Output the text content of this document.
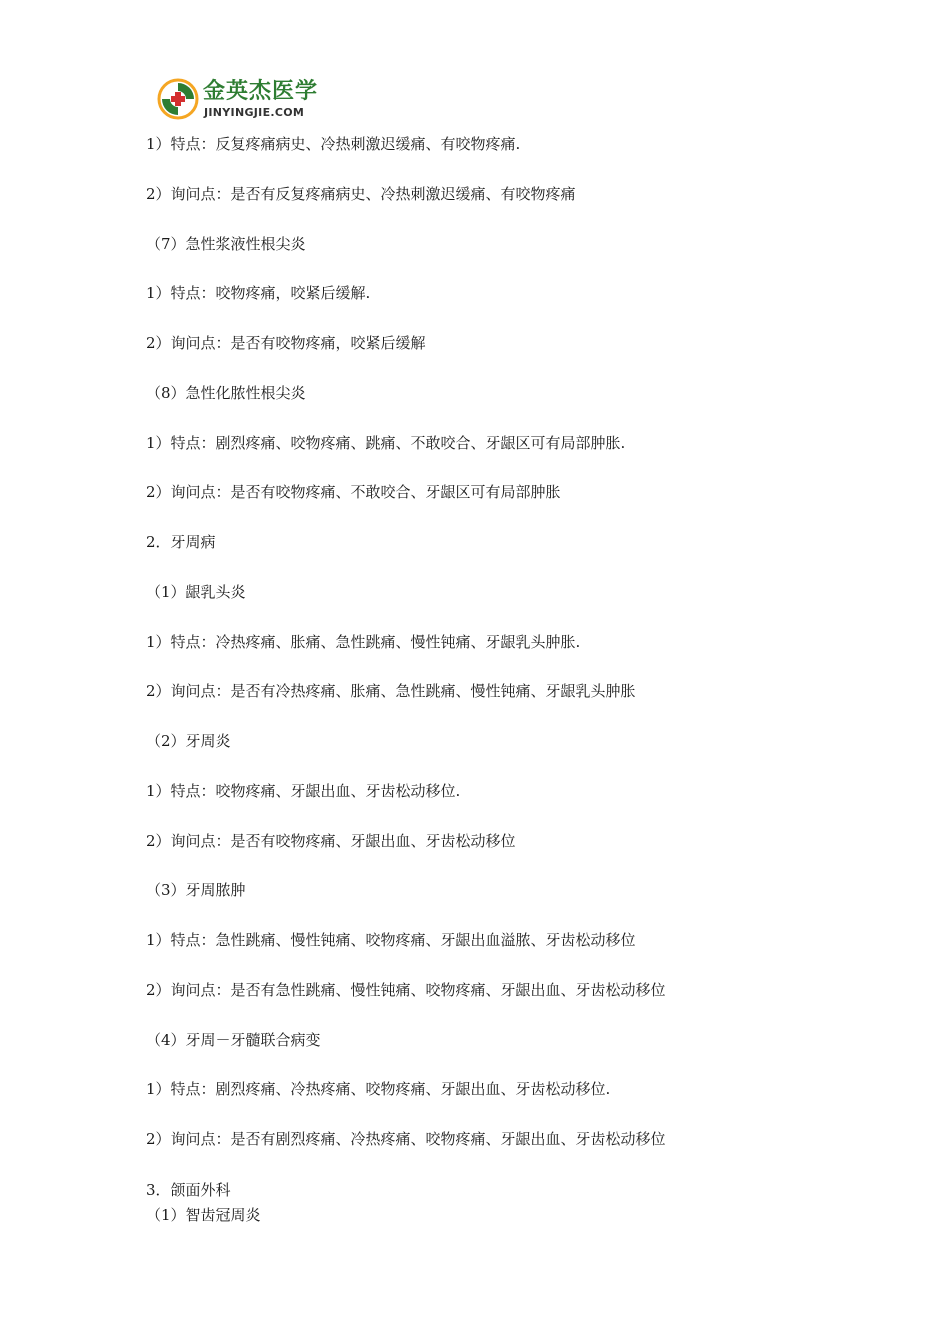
金英杰医学
JINYINGJIE.COM
1）特点：反复疼痛病史、冷热刺激迟缓痛、有咬物疼痛.
2）询问点：是否有反复疼痛病史、冷热刺激迟缓痛、有咬物疼痛
（7）急性浆液性根尖炎
1）特点：咬物疼痛，咬紧后缓解.
2）询问点：是否有咬物疼痛，咬紧后缓解
（8）急性化脓性根尖炎
1）特点：剧烈疼痛、咬物疼痛、跳痛、不敢咬合、牙龈区可有局部肿胀.
2）询问点：是否有咬物疼痛、不敢咬合、牙龈区可有局部肿胀
2．牙周病
（1）龈乳头炎
1）特点：冷热疼痛、胀痛、急性跳痛、慢性钝痛、牙龈乳头肿胀.
2）询问点：是否有冷热疼痛、胀痛、急性跳痛、慢性钝痛、牙龈乳头肿胀
（2）牙周炎
1）特点：咬物疼痛、牙龈出血、牙齿松动移位.
2）询问点：是否有咬物疼痛、牙龈出血、牙齿松动移位
（3）牙周脓肿
1）特点：急性跳痛、慢性钝痛、咬物疼痛、牙龈出血溢脓、牙齿松动移位
2）询问点：是否有急性跳痛、慢性钝痛、咬物疼痛、牙龈出血、牙齿松动移位
（4）牙周－牙髓联合病变
1）特点：剧烈疼痛、冷热疼痛、咬物疼痛、牙龈出血、牙齿松动移位.
2）询问点：是否有剧烈疼痛、冷热疼痛、咬物疼痛、牙龈出血、牙齿松动移位
3．颌面外科
（1）智齿冠周炎
